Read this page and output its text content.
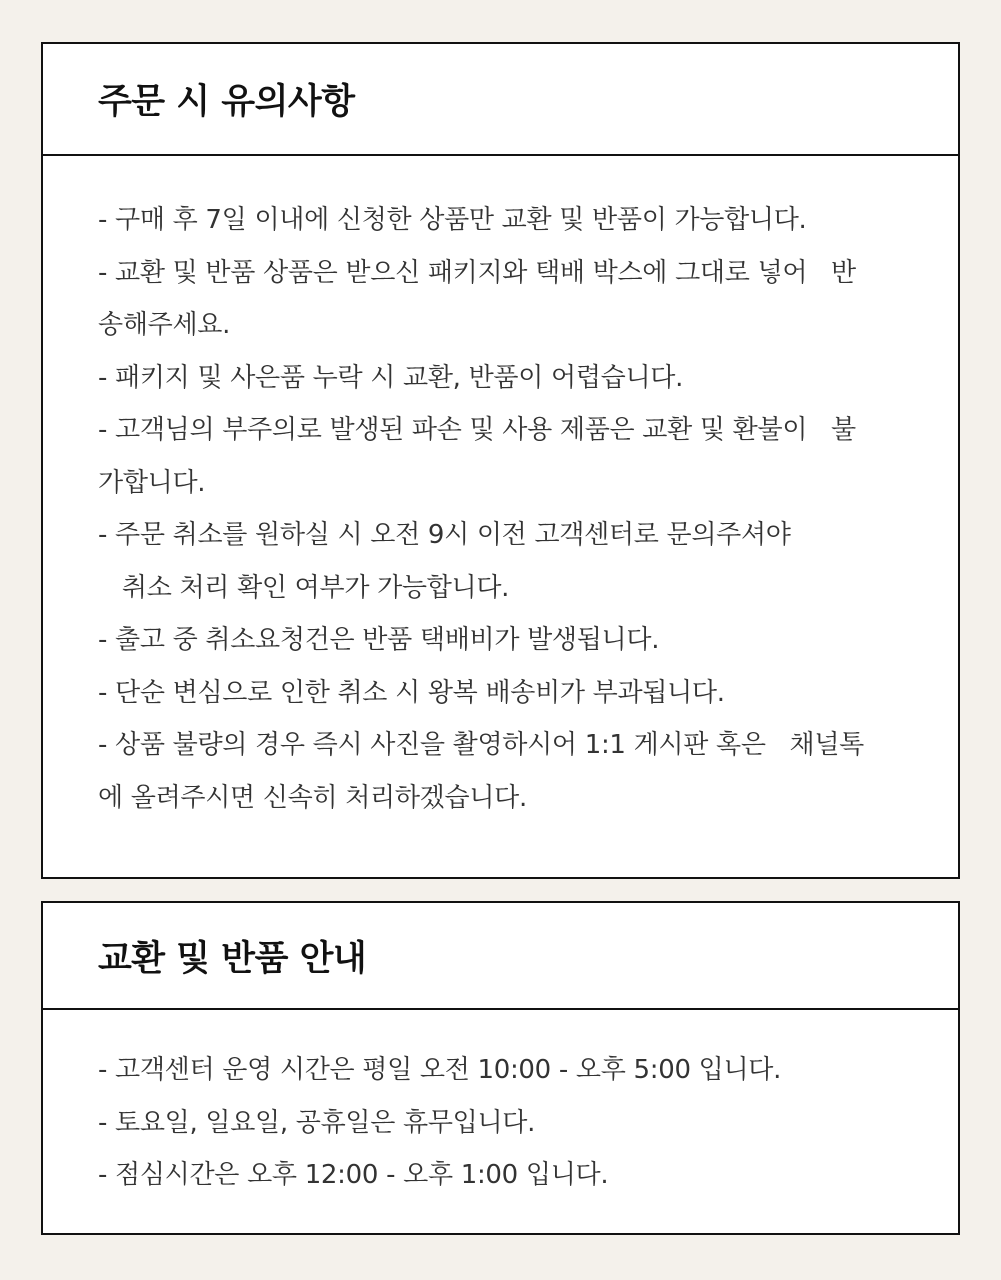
주문 시 유의사항
- 구매 후 7일 이내에 신청한 상품만 교환 및 반품이 가능합니다.
- 교환 및 반품 상품은 받으신 패키지와 택배 박스에 그대로 넣어   반
송해주세요.
- 패키지 및 사은품 누락 시 교환, 반품이 어렵습니다.
- 고객님의 부주의로 발생된 파손 및 사용 제품은 교환 및 환불이   불
가합니다.
- 주문 취소를 원하실 시 오전 9시 이전 고객센터로 문의주셔야
취소 처리 확인 여부가 가능합니다.
- 출고 중 취소요청건은 반품 택배비가 발생됩니다.
- 단순 변심으로 인한 취소 시 왕복 배송비가 부과됩니다.
- 상품 불량의 경우 즉시 사진을 촬영하시어 1:1 게시판 혹은   채널톡
에 올려주시면 신속히 처리하겠습니다.
교환 및 반품 안내
- 고객센터 운영 시간은 평일 오전 10:00 - 오후 5:00 입니다.
- 토요일, 일요일, 공휴일은 휴무입니다.
- 점심시간은 오후 12:00 - 오후 1:00 입니다.
